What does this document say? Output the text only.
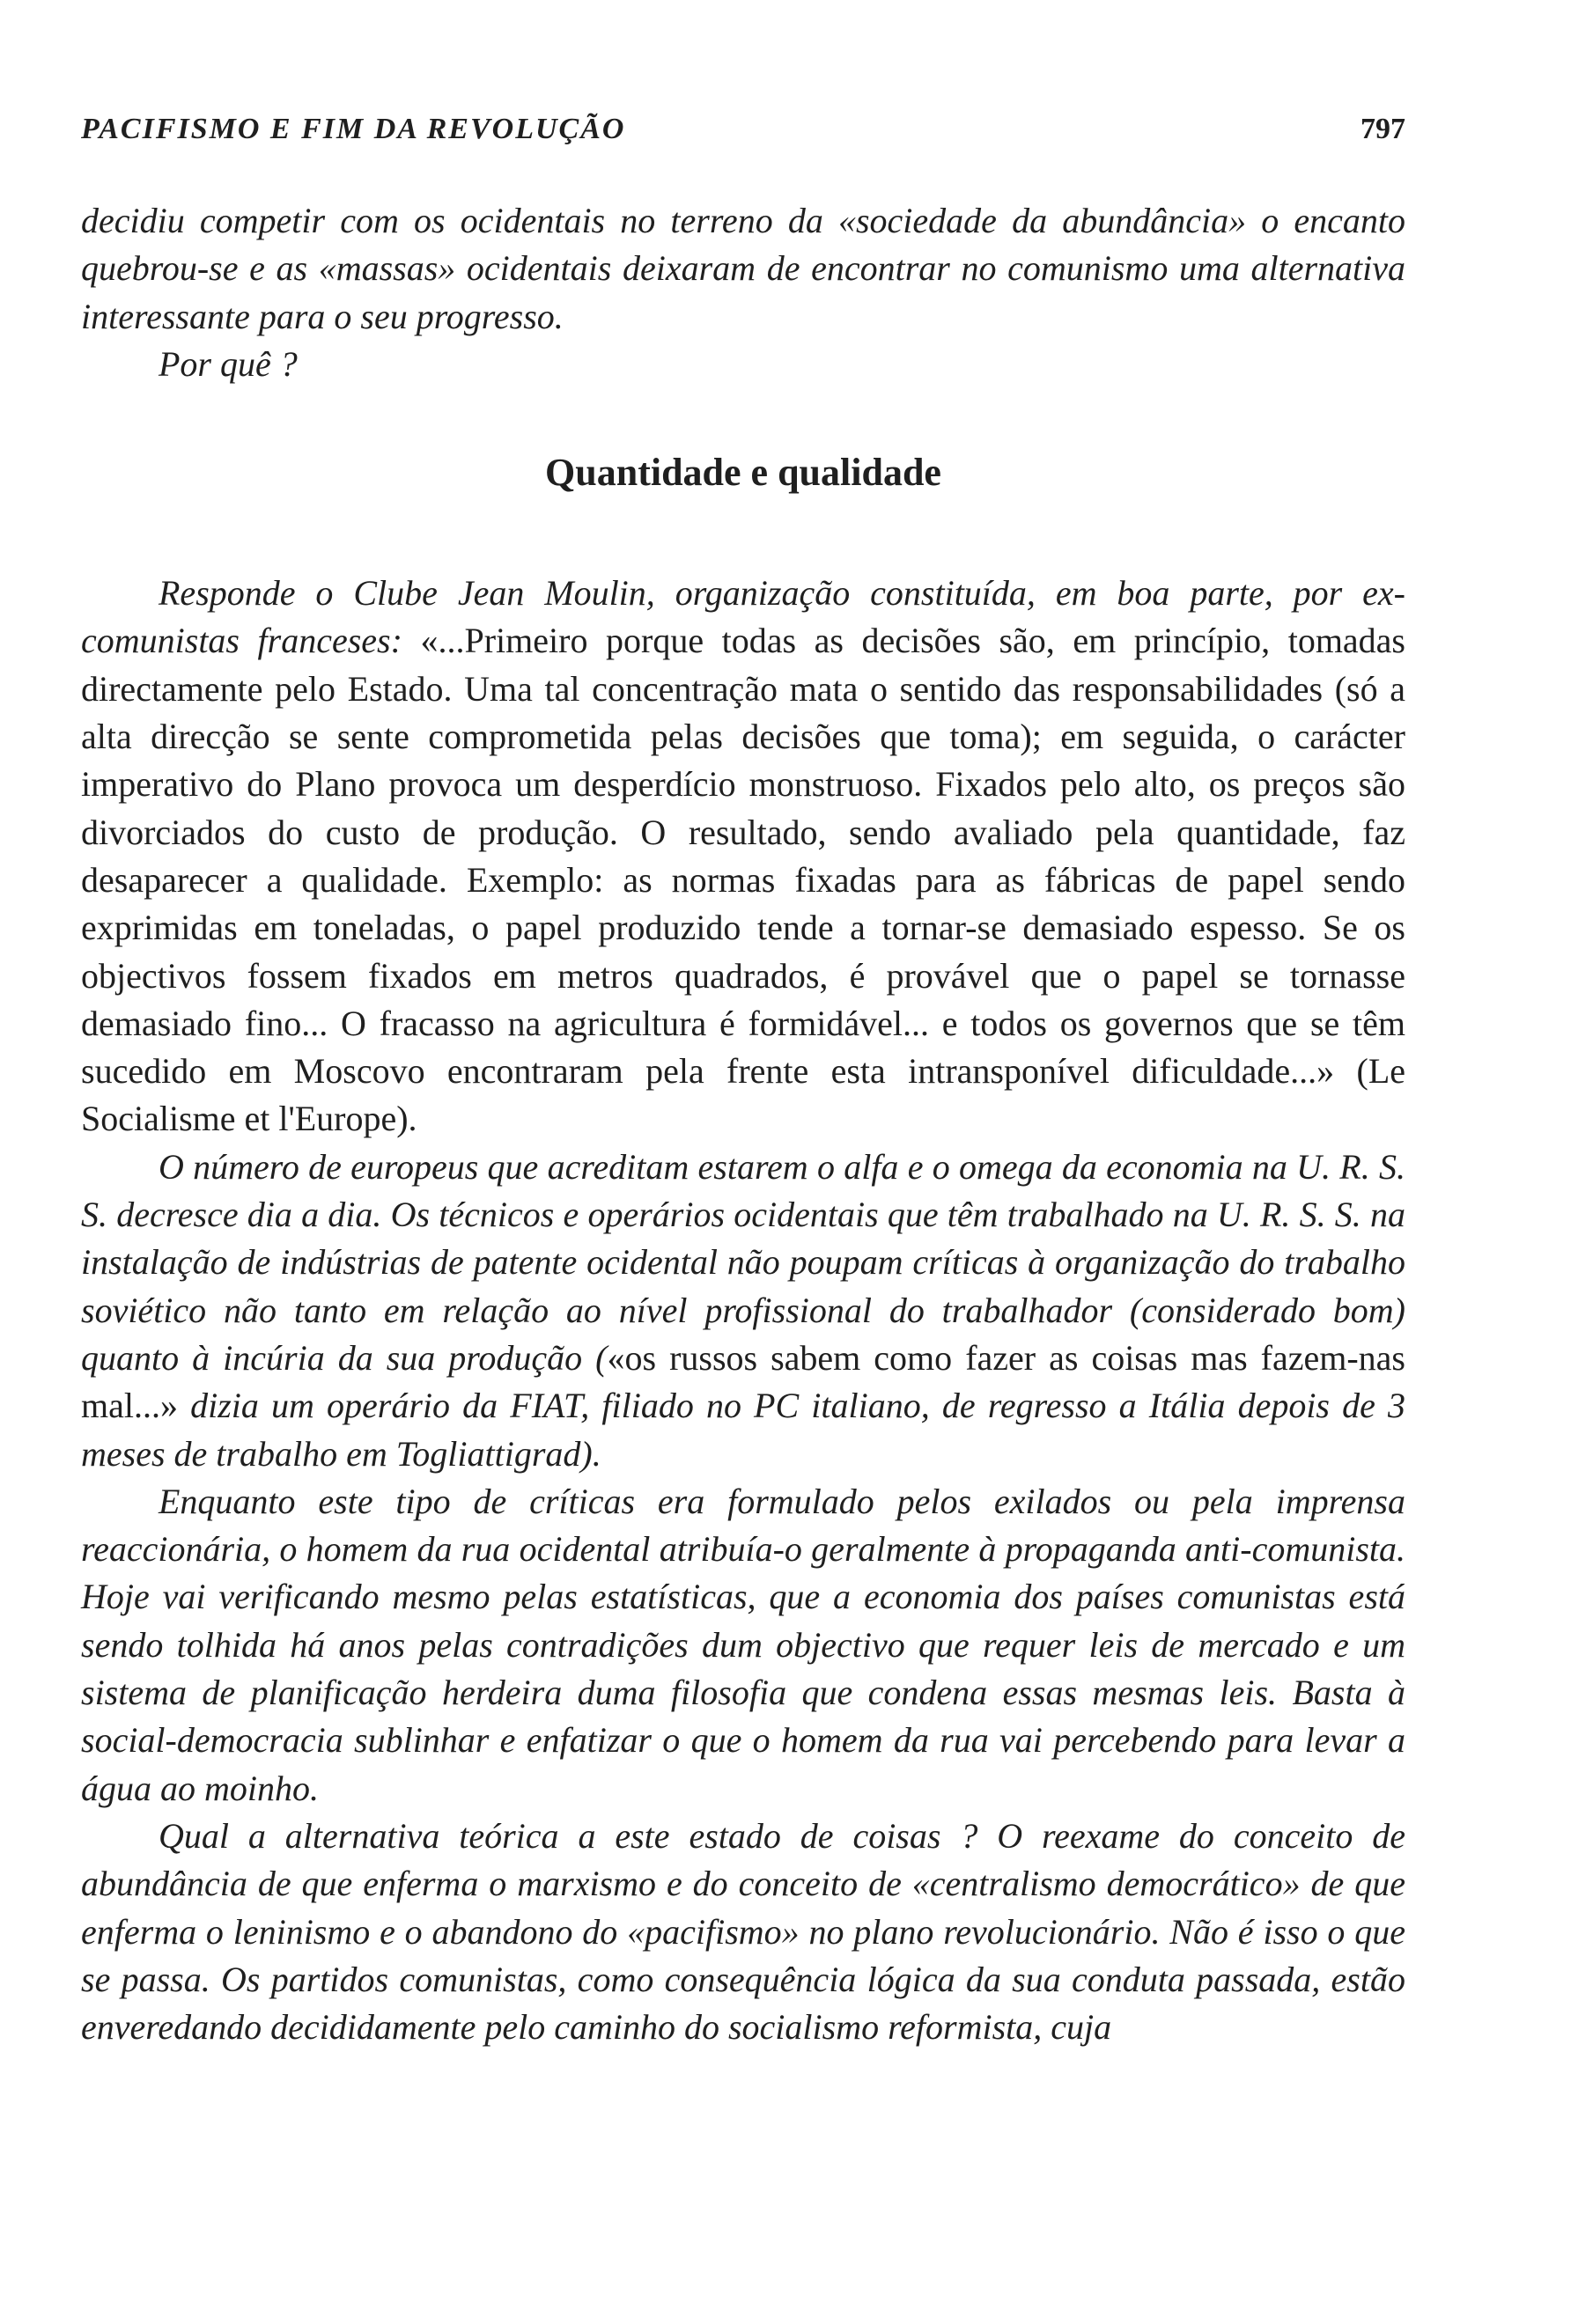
PACIFISMO E FIM DA REVOLUÇÃO	797

decidiu competir com os ocidentais no terreno da «sociedade da abundância» o encanto quebrou-se e as «massas» ocidentais deixaram de encontrar no comunismo uma alternativa interessante para o seu progresso.

Por quê ?

Quantidade e qualidade

Responde o Clube Jean Moulin, organização constituída, em boa parte, por ex-comunistas franceses: «...Primeiro porque todas as decisões são, em princípio, tomadas directamente pelo Estado. Uma tal concentração mata o sentido das responsabilidades (só a alta direcção se sente comprometida pelas decisões que toma); em seguida, o carácter imperativo do Plano provoca um desperdício monstruoso. Fixados pelo alto, os preços são divorciados do custo de produção. O resultado, sendo avaliado pela quantidade, faz desaparecer a qualidade. Exemplo: as normas fixadas para as fábricas de papel sendo exprimidas em toneladas, o papel produzido tende a tornar-se demasiado espesso. Se os objectivos fossem fixados em metros quadrados, é provável que o papel se tornasse demasiado fino... O fracasso na agricultura é formidável... e todos os governos que se têm sucedido em Moscovo encontraram pela frente esta intransponível dificuldade...» (Le Socialisme et l'Europe).

O número de europeus que acreditam estarem o alfa e o omega da economia na U. R. S. S. decresce dia a dia. Os técnicos e operários ocidentais que têm trabalhado na U. R. S. S. na instalação de indústrias de patente ocidental não poupam críticas à organização do trabalho soviético não tanto em relação ao nível profissional do trabalhador (considerado bom) quanto à incúria da sua produção («os russos sabem como fazer as coisas mas fazem-nas mal...» dizia um operário da FIAT, filiado no PC italiano, de regresso a Itália depois de 3 meses de trabalho em Togliattigrad).

Enquanto este tipo de críticas era formulado pelos exilados ou pela imprensa reaccionária, o homem da rua ocidental atribuía-o geralmente à propaganda anti-comunista. Hoje vai verificando mesmo pelas estatísticas, que a economia dos países comunistas está sendo tolhida há anos pelas contradições dum objectivo que requer leis de mercado e um sistema de planificação herdeira duma filosofia que condena essas mesmas leis. Basta à social-democracia sublinhar e enfatizar o que o homem da rua vai percebendo para levar a água ao moinho.

Qual a alternativa teórica a este estado de coisas ? O reexame do conceito de abundância de que enferma o marxismo e do conceito de «centralismo democrático» de que enferma o leninismo e o abandono do «pacifismo» no plano revolucionário. Não é isso o que se passa. Os partidos comunistas, como consequência lógica da sua conduta passada, estão enveredando decididamente pelo caminho do socialismo reformista, cuja
